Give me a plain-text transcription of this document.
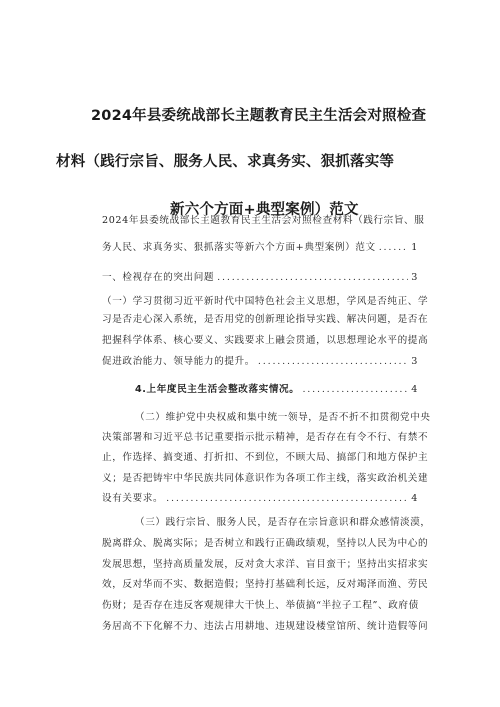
2024年县委统战部长主题教育民主生活会对照检查
材料（践行宗旨、服务人民、求真务实、狠抓落实等
新六个方面+典型案例）范文
2024年县委统战部长主题教育民主生活会对照检查材料（践行宗旨、服
务人民、求真务实、狠抓落实等新六个方面+典型案例）范文 .....	1
一、检视存在的突出问题 .....	3
（一）学习贯彻习近平新时代中国特色社会主义思想，学风是否纯正、学
习是否走心深入系统，是否用党的创新理论指导实践、解决问题，是否在
把握科学体系、核心要义、实践要求上融会贯通，以思想理论水平的提高
促进政治能力、领导能力的提升。 .....	3
4.上年度民主生活会整改落实情况。 .....	4
（二）维护党中央权威和集中统一领导，是否不折不扣贯彻党中央
决策部署和习近平总书记重要指示批示精神，是否存在有令不行、有禁不
止，作选择、搞变通、打折扣、不到位，不顾大局、搞部门和地方保护主
义；是否把铸牢中华民族共同体意识作为各项工作主线，落实政治机关建
设有关要求。 .....	4
（三）践行宗旨、服务人民，是否存在宗旨意识和群众感情淡漠，
脱离群众、脱离实际；是否树立和践行正确政绩观，坚持以人民为中心的
发展思想，坚持高质量发展，反对贪大求洋、盲目蛮干；坚持出实招求实
效，反对华而不实、数据造假；坚持打基础利长远，反对竭泽而渔、劳民
伤财；是否存在违反客观规律大干快上、举债搞“半拉子工程”、政府债
务居高不下化解不力、违法占用耕地、违规建设楼堂馆所、统计造假等问
